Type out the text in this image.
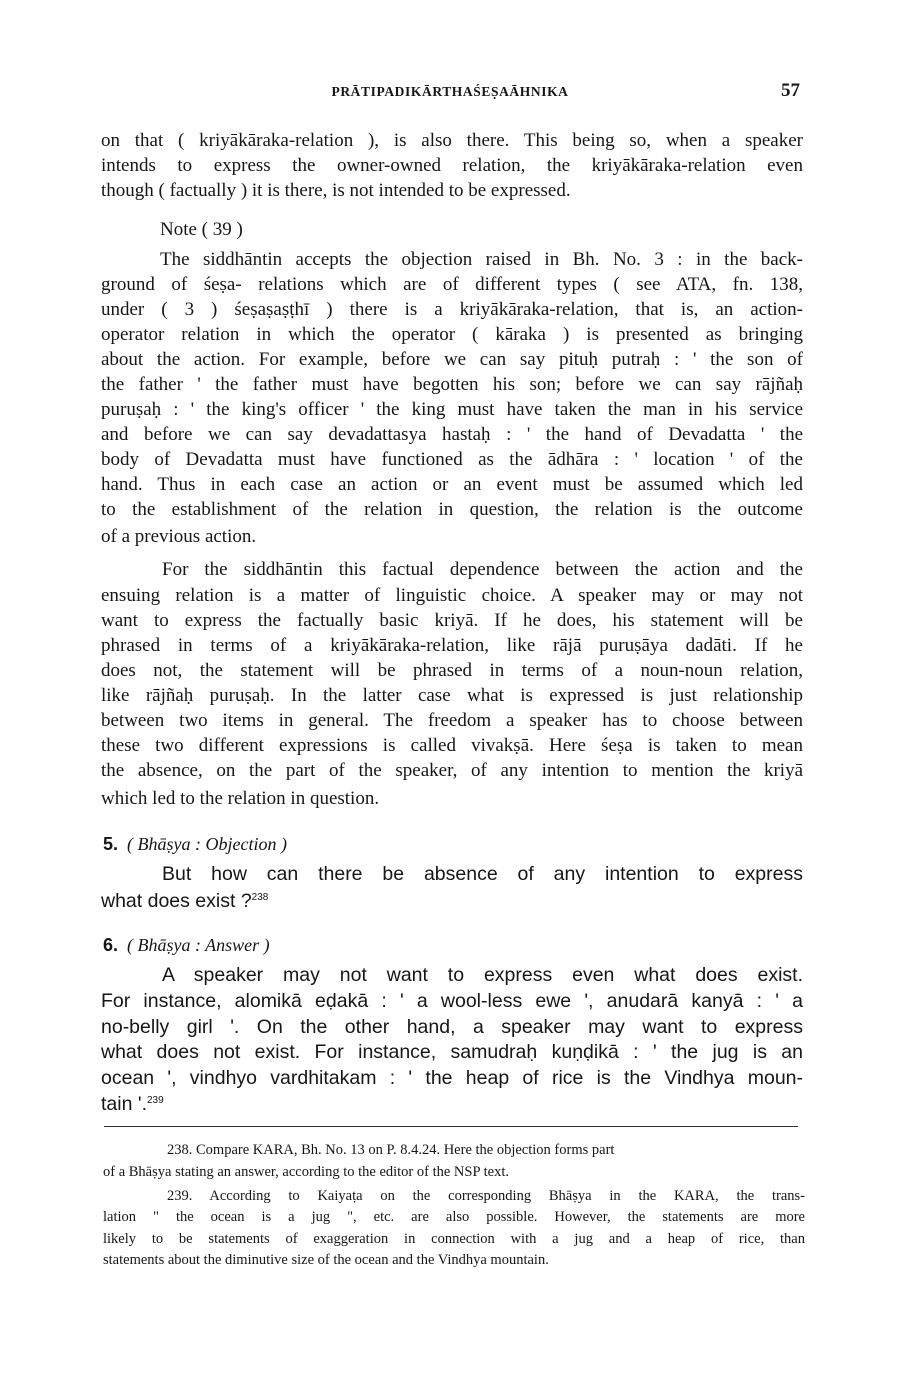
PRĀTIPADIKĀRTHAŚEṢAĀHNIKA	57
on that ( kriyākāraka-relation ), is also there. This being so, when a speaker
intends to express the owner-owned relation, the kriyākāraka-relation even
though ( factually ) it is there, is not intended to be expressed.
Note ( 39 )
The siddhāntin accepts the objection raised in Bh. No. 3 : in the back-
ground of śeṣa- relations which are of different types ( see ATA, fn. 138,
under ( 3 ) śeṣaṣaṣṭhī ) there is a kriyākāraka-relation, that is, an action-
operator relation in which the operator ( kāraka ) is presented as bringing
about the action. For example, before we can say pituḥ putraḥ : ' the son of
the father ' the father must have begotten his son; before we can say rājñaḥ
puruṣaḥ : ' the king's officer ' the king must have taken the man in his service
and before we can say devadattasya hastaḥ : ' the hand of Devadatta ' the
body of Devadatta must have functioned as the ādhāra : ' location ' of the
hand. Thus in each case an action or an event must be assumed which led
to the establishment of the relation in question, the relation is the outcome
of a previous action.
For the siddhāntin this factual dependence between the action and the
ensuing relation is a matter of linguistic choice. A speaker may or may not
want to express the factually basic kriyā. If he does, his statement will be
phrased in terms of a kriyākāraka-relation, like rājā puruṣāya dadāti. If he
does not, the statement will be phrased in terms of a noun-noun relation,
like rājñaḥ puruṣaḥ. In the latter case what is expressed is just relationship
between two items in general. The freedom a speaker has to choose between
these two different expressions is called vivakṣā. Here śeṣa is taken to mean
the absence, on the part of the speaker, of any intention to mention the kriyā
which led to the relation in question.
5. ( Bhāṣya : Objection )
But how can there be absence of any intention to express
what does exist ?$^{238}$
6. ( Bhāṣya : Answer )
A speaker may not want to express even what does exist.
For instance, alomikā eḍakā : ' a wool-less ewe ', anudarā kanyā : ' a
no-belly girl '. On the other hand, a speaker may want to express
what does not exist. For instance, samudraḥ kuṇḍikā : ' the jug is an
ocean ', vindhyo vardhitakam : ' the heap of rice is the Vindhya moun-
tain '.$^{239}$
238. Compare KARA, Bh. No. 13 on P. 8.4.24. Here the objection forms part
of a Bhāṣya stating an answer, according to the editor of the NSP text.
239. According to Kaiyaṭa on the corresponding Bhāṣya in the KARA, the trans-
lation " the ocean is a jug ", etc. are also possible. However, the statements are more
likely to be statements of exaggeration in connection with a jug and a heap of rice, than
statements about the diminutive size of the ocean and the Vindhya mountain.
